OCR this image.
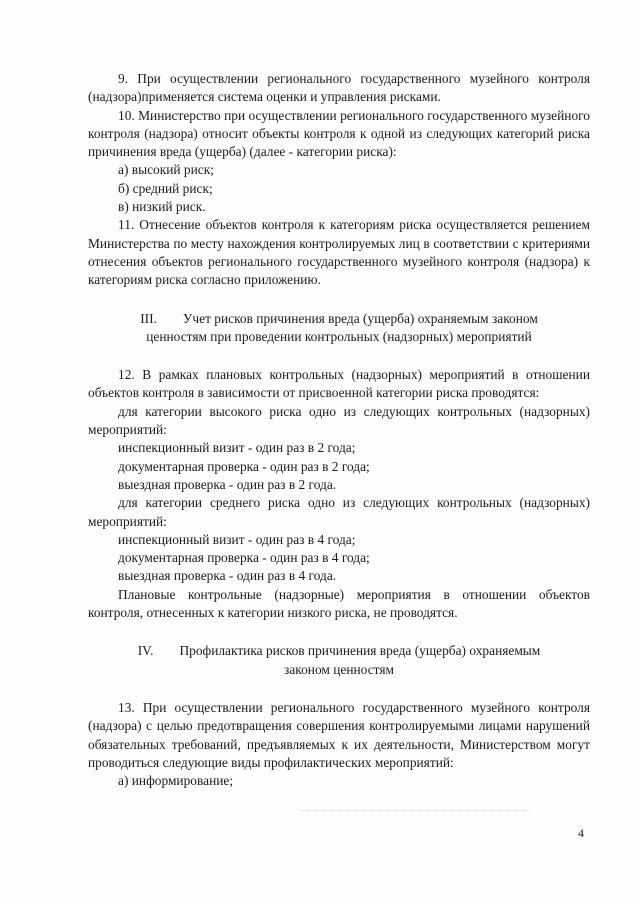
9. При осуществлении регионального государственного музейного контроля (надзора)применяется система оценки и управления рисками.

10. Министерство при осуществлении регионального государственного музейного контроля (надзора) относит объекты контроля к одной из следующих категорий риска причинения вреда (ущерба) (далее - категории риска):

а) высокий риск;

б) средний риск;

в) низкий риск.

11. Отнесение объектов контроля к категориям риска осуществляется решением Министерства по месту нахождения контролируемых лиц в соответствии с критериями отнесения объектов регионального государственного музейного контроля (надзора) к категориям риска согласно приложению.

III. Учет рисков причинения вреда (ущерба) охраняемым законом
ценностям при проведении контрольных (надзорных) мероприятий

12. В рамках плановых контрольных (надзорных) мероприятий в отношении объектов контроля в зависимости от присвоенной категории риска проводятся:

для категории высокого риска одно из следующих контрольных (надзорных) мероприятий:

инспекционный визит - один раз в 2 года;

документарная проверка - один раз в 2 года;

выездная проверка - один раз в 2 года.

для категории среднего риска одно из следующих контрольных (надзорных) мероприятий:

инспекционный визит - один раз в 4 года;

документарная проверка - один раз в 4 года;

выездная проверка - один раз в 4 года.

Плановые контрольные (надзорные) мероприятия в отношении объектов контроля, отнесенных к категории низкого риска, не проводятся.

IV. Профилактика рисков причинения вреда (ущерба) охраняемым
законом ценностям

13. При осуществлении регионального государственного музейного контроля (надзора) с целью предотвращения совершения контролируемыми лицами нарушений обязательных требований, предъявляемых к их деятельности, Министерством могут проводиться следующие виды профилактических мероприятий:

а) информирование;

4
